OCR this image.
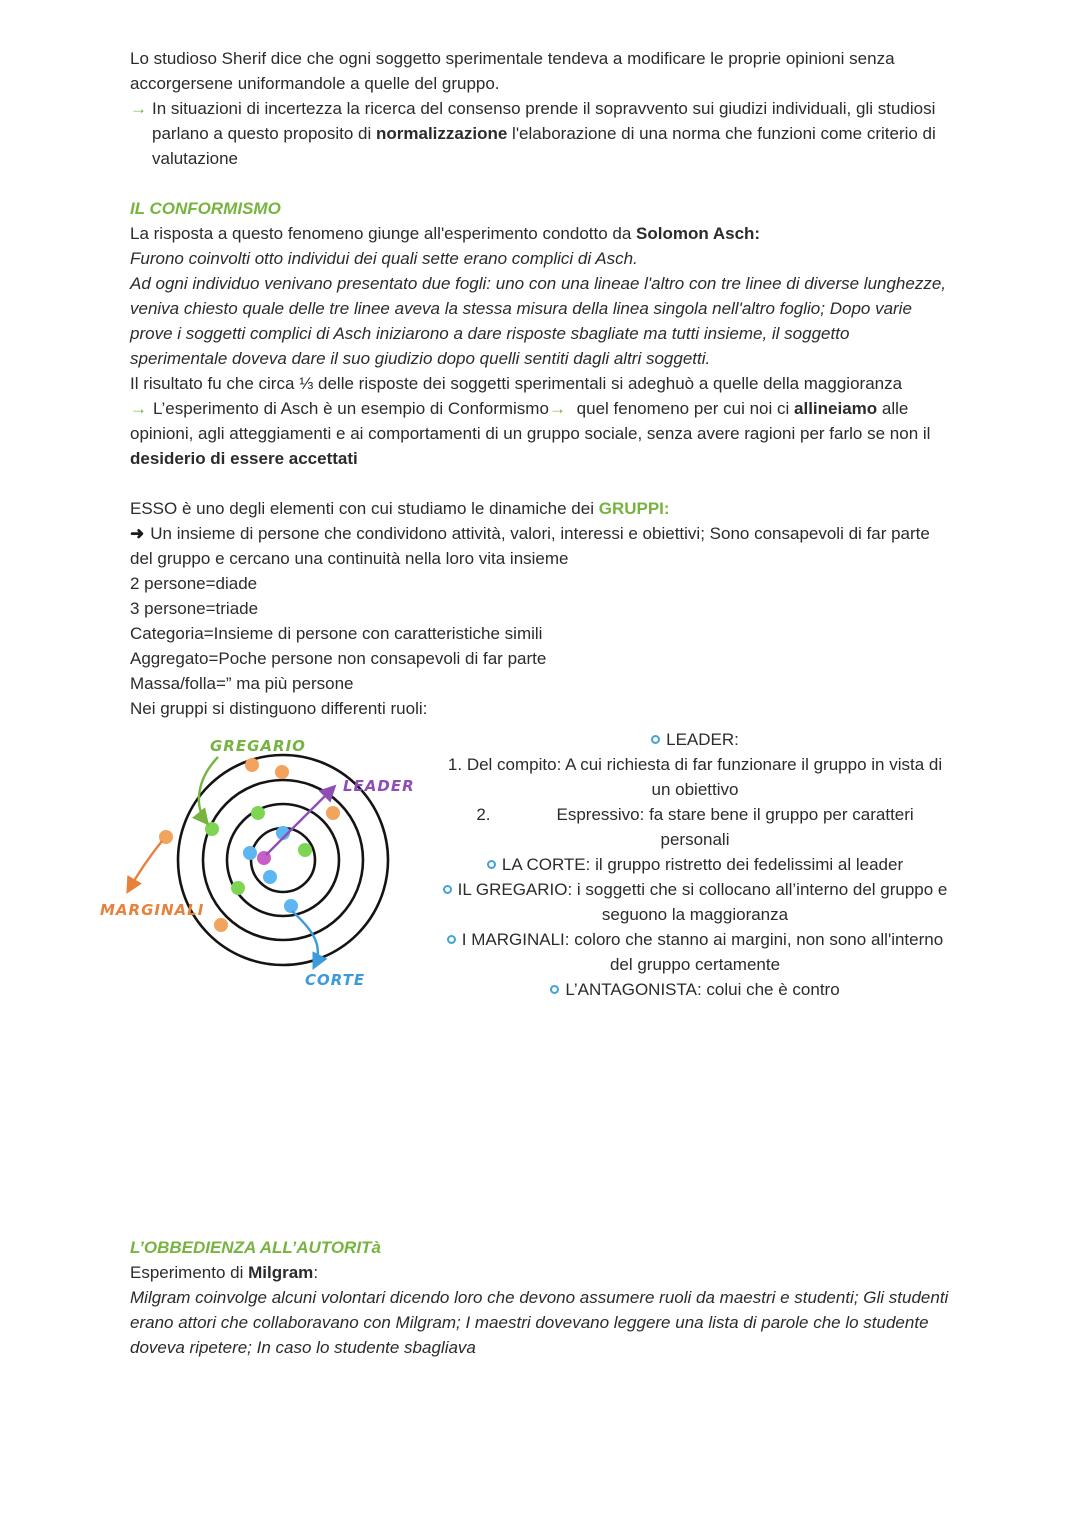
Lo studioso Sherif dice che ogni soggetto sperimentale tendeva a modificare le proprie opinioni senza accorgersene uniformandole a quelle del gruppo.
→ In situazioni di incertezza la ricerca del consenso prende il sopravvento sui giudizi individuali, gli studiosi parlano a questo proposito di normalizzazione l'elaborazione di una norma che funzioni come criterio di valutazione
IL CONFORMISMO
La risposta a questo fenomeno giunge all'esperimento condotto da Solomon Asch:
Furono coinvolti otto individui dei quali sette erano complici di Asch.
Ad ogni individuo venivano presentato due fogli: uno con una lineae l'altro con tre linee di diverse lunghezze, veniva chiesto quale delle tre linee aveva la stessa misura della linea singola nell'altro foglio; Dopo varie prove i soggetti complici di Asch iniziarono a dare risposte sbagliate ma tutti insieme, il soggetto sperimentale doveva dare il suo giudizio dopo quelli sentiti dagli altri soggetti.
Il risultato fu che circa ⅓ delle risposte dei soggetti sperimentali si adeghuò a quelle della maggioranza
→ L’esperimento di Asch è un esempio di Conformismo→ quel fenomeno per cui noi ci allineiamo alle opinioni, agli atteggiamenti e ai comportamenti di un gruppo sociale, senza avere ragioni per farlo se non il desiderio di essere accettati
ESSO è uno degli elementi con cui studiamo le dinamiche dei GRUPPI:
➜ Un insieme di persone che condividono attività, valori, interessi e obiettivi; Sono consapevoli di far parte del gruppo e cercano una continuità nella loro vita insieme
2 persone=diade
3 persone=triade
Categoria=Insieme di persone con caratteristiche simili
Aggregato=Poche persone non consapevoli di far parte
Massa/folla=” ma più persone
Nei gruppi si distinguono differenti ruoli:
GREGARIO
LEADER
MARGINALI
CORTE
LEADER:
1. Del compito: A cui richiesta di far funzionare il gruppo in vista di un obiettivo
2.	Espressivo: fa stare bene il gruppo per caratteri personali
LA CORTE: il gruppo ristretto dei fedelissimi al leader
IL GREGARIO: i soggetti che si collocano all’interno del gruppo e seguono la maggioranza
I MARGINALI: coloro che stanno ai margini, non sono all'interno del gruppo certamente
L’ANTAGONISTA: colui che è contro
L’OBBEDIENZA ALL’AUTORITà
Esperimento di Milgram:
Milgram coinvolge alcuni volontari dicendo loro che devono assumere ruoli da maestri e studenti; Gli studenti erano attori che collaboravano con Milgram; I maestri dovevano leggere una lista di parole che lo studente doveva ripetere; In caso lo studente sbagliava
